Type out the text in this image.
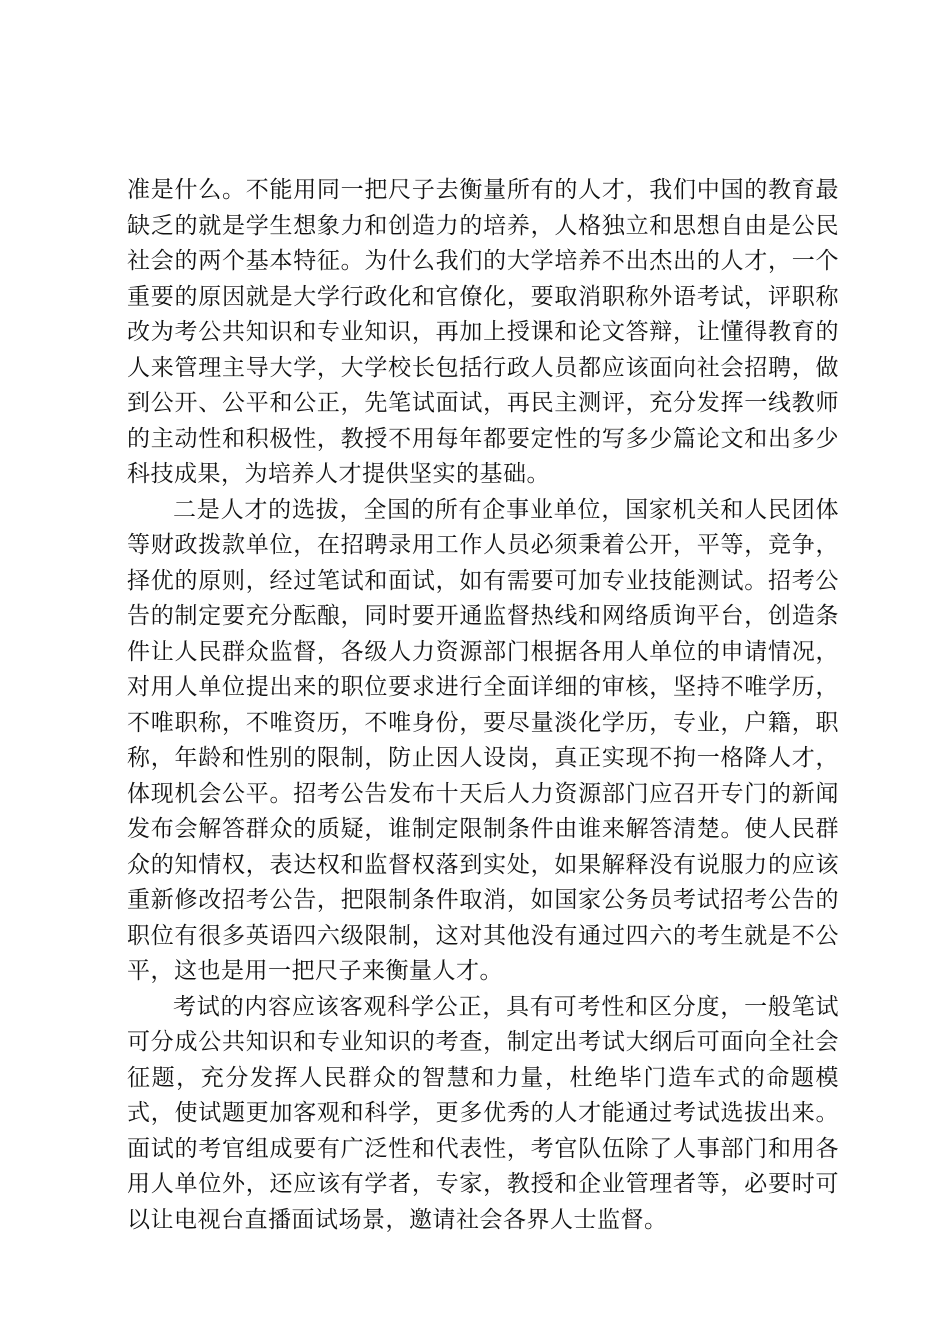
准是什么。不能用同一把尺子去衡量所有的人才，我们中国的教育最缺乏的就是学生想象力和创造力的培养，人格独立和思想自由是公民社会的两个基本特征。为什么我们的大学培养不出杰出的人才，一个重要的原因就是大学行政化和官僚化，要取消职称外语考试，评职称改为考公共知识和专业知识，再加上授课和论文答辩，让懂得教育的人来管理主导大学，大学校长包括行政人员都应该面向社会招聘，做到公开、公平和公正，先笔试面试，再民主测评，充分发挥一线教师的主动性和积极性，教授不用每年都要定性的写多少篇论文和出多少科技成果，为培养人才提供坚实的基础。

二是人才的选拔，全国的所有企事业单位，国家机关和人民团体等财政拨款单位，在招聘录用工作人员必须秉着公开，平等，竞争，择优的原则，经过笔试和面试，如有需要可加专业技能测试。招考公告的制定要充分酝酿，同时要开通监督热线和网络质询平台，创造条件让人民群众监督，各级人力资源部门根据各用人单位的申请情况，对用人单位提出来的职位要求进行全面详细的审核，坚持不唯学历，不唯职称，不唯资历，不唯身份，要尽量淡化学历，专业，户籍，职称，年龄和性别的限制，防止因人设岗，真正实现不拘一格降人才，体现机会公平。招考公告发布十天后人力资源部门应召开专门的新闻发布会解答群众的质疑，谁制定限制条件由谁来解答清楚。使人民群众的知情权，表达权和监督权落到实处，如果解释没有说服力的应该重新修改招考公告，把限制条件取消，如国家公务员考试招考公告的职位有很多英语四六级限制，这对其他没有通过四六的考生就是不公平，这也是用一把尺子来衡量人才。

考试的内容应该客观科学公正，具有可考性和区分度，一般笔试可分成公共知识和专业知识的考查，制定出考试大纲后可面向全社会征题，充分发挥人民群众的智慧和力量，杜绝毕门造车式的命题模式，使试题更加客观和科学，更多优秀的人才能通过考试选拔出来。面试的考官组成要有广泛性和代表性，考官队伍除了人事部门和用各用人单位外，还应该有学者，专家，教授和企业管理者等，必要时可以让电视台直播面试场景，邀请社会各界人士监督。
